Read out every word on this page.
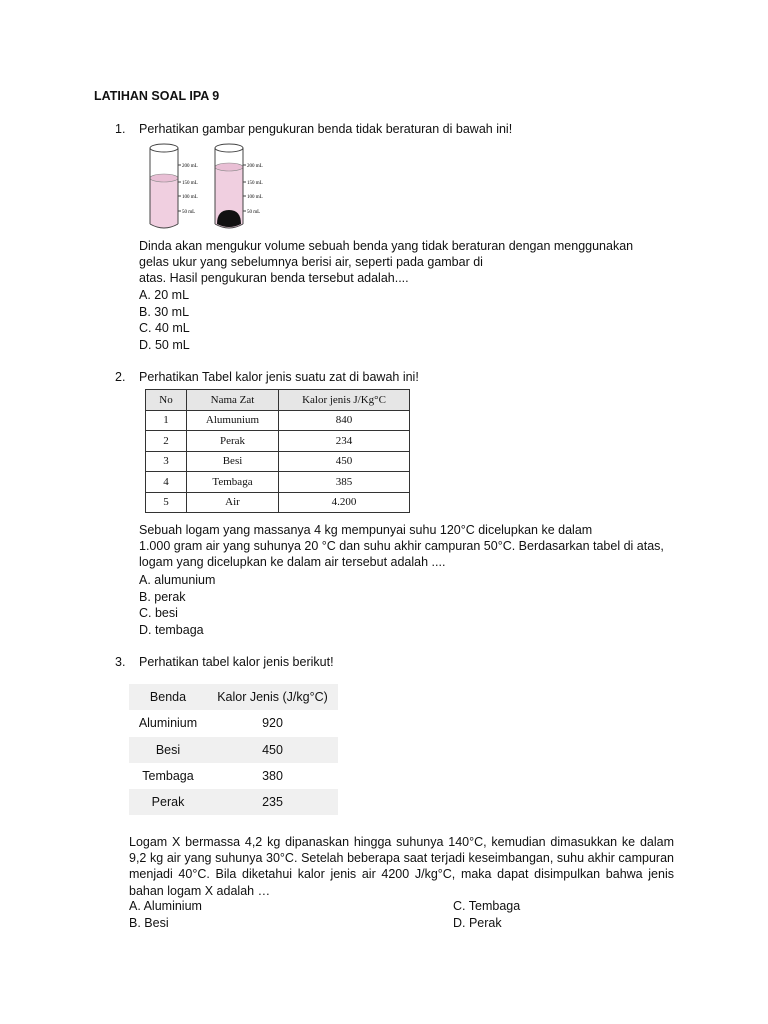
LATIHAN SOAL IPA 9
1. Perhatikan gambar pengukuran benda tidak beraturan di bawah ini!
200 mL
150 mL
100 mL
50 mL
200 mL
150 mL
100 mL
50 mL
Dinda akan mengukur volume sebuah benda yang tidak beraturan dengan menggunakan
gelas ukur yang sebelumnya berisi air, seperti pada gambar di
atas. Hasil pengukuran benda tersebut adalah....
A. 20 mL
B. 30 mL
C. 40 mL
D. 50 mL
2. Perhatikan Tabel kalor jenis suatu zat di bawah ini!
No	Nama Zat	Kalor jenis J/Kg°C
1	Alumunium	840
2	Perak	234
3	Besi	450
4	Tembaga	385
5	Air	4.200
Sebuah logam yang massanya 4 kg mempunyai suhu 120°C dicelupkan ke dalam
1.000 gram air yang suhunya 20 °C dan suhu akhir campuran 50°C. Berdasarkan tabel di atas,
logam yang dicelupkan ke dalam air tersebut adalah ....
A. alumunium
B. perak
C. besi
D. tembaga
3. Perhatikan tabel kalor jenis berikut!
Benda	Kalor Jenis (J/kg°C)
Aluminium	920
Besi	450
Tembaga	380
Perak	235

Logam X bermassa 4,2 kg dipanaskan hingga suhunya 140°C, kemudian dimasukkan ke dalam 9,2 kg air yang suhunya 30°C. Setelah beberapa saat terjadi keseimbangan, suhu akhir campuran menjadi 40°C. Bila diketahui kalor jenis air 4200 J/kg°C, maka dapat disimpulkan bahwa jenis bahan logam X adalah …

A. Aluminium	C. Tembaga
B. Besi	D. Perak
